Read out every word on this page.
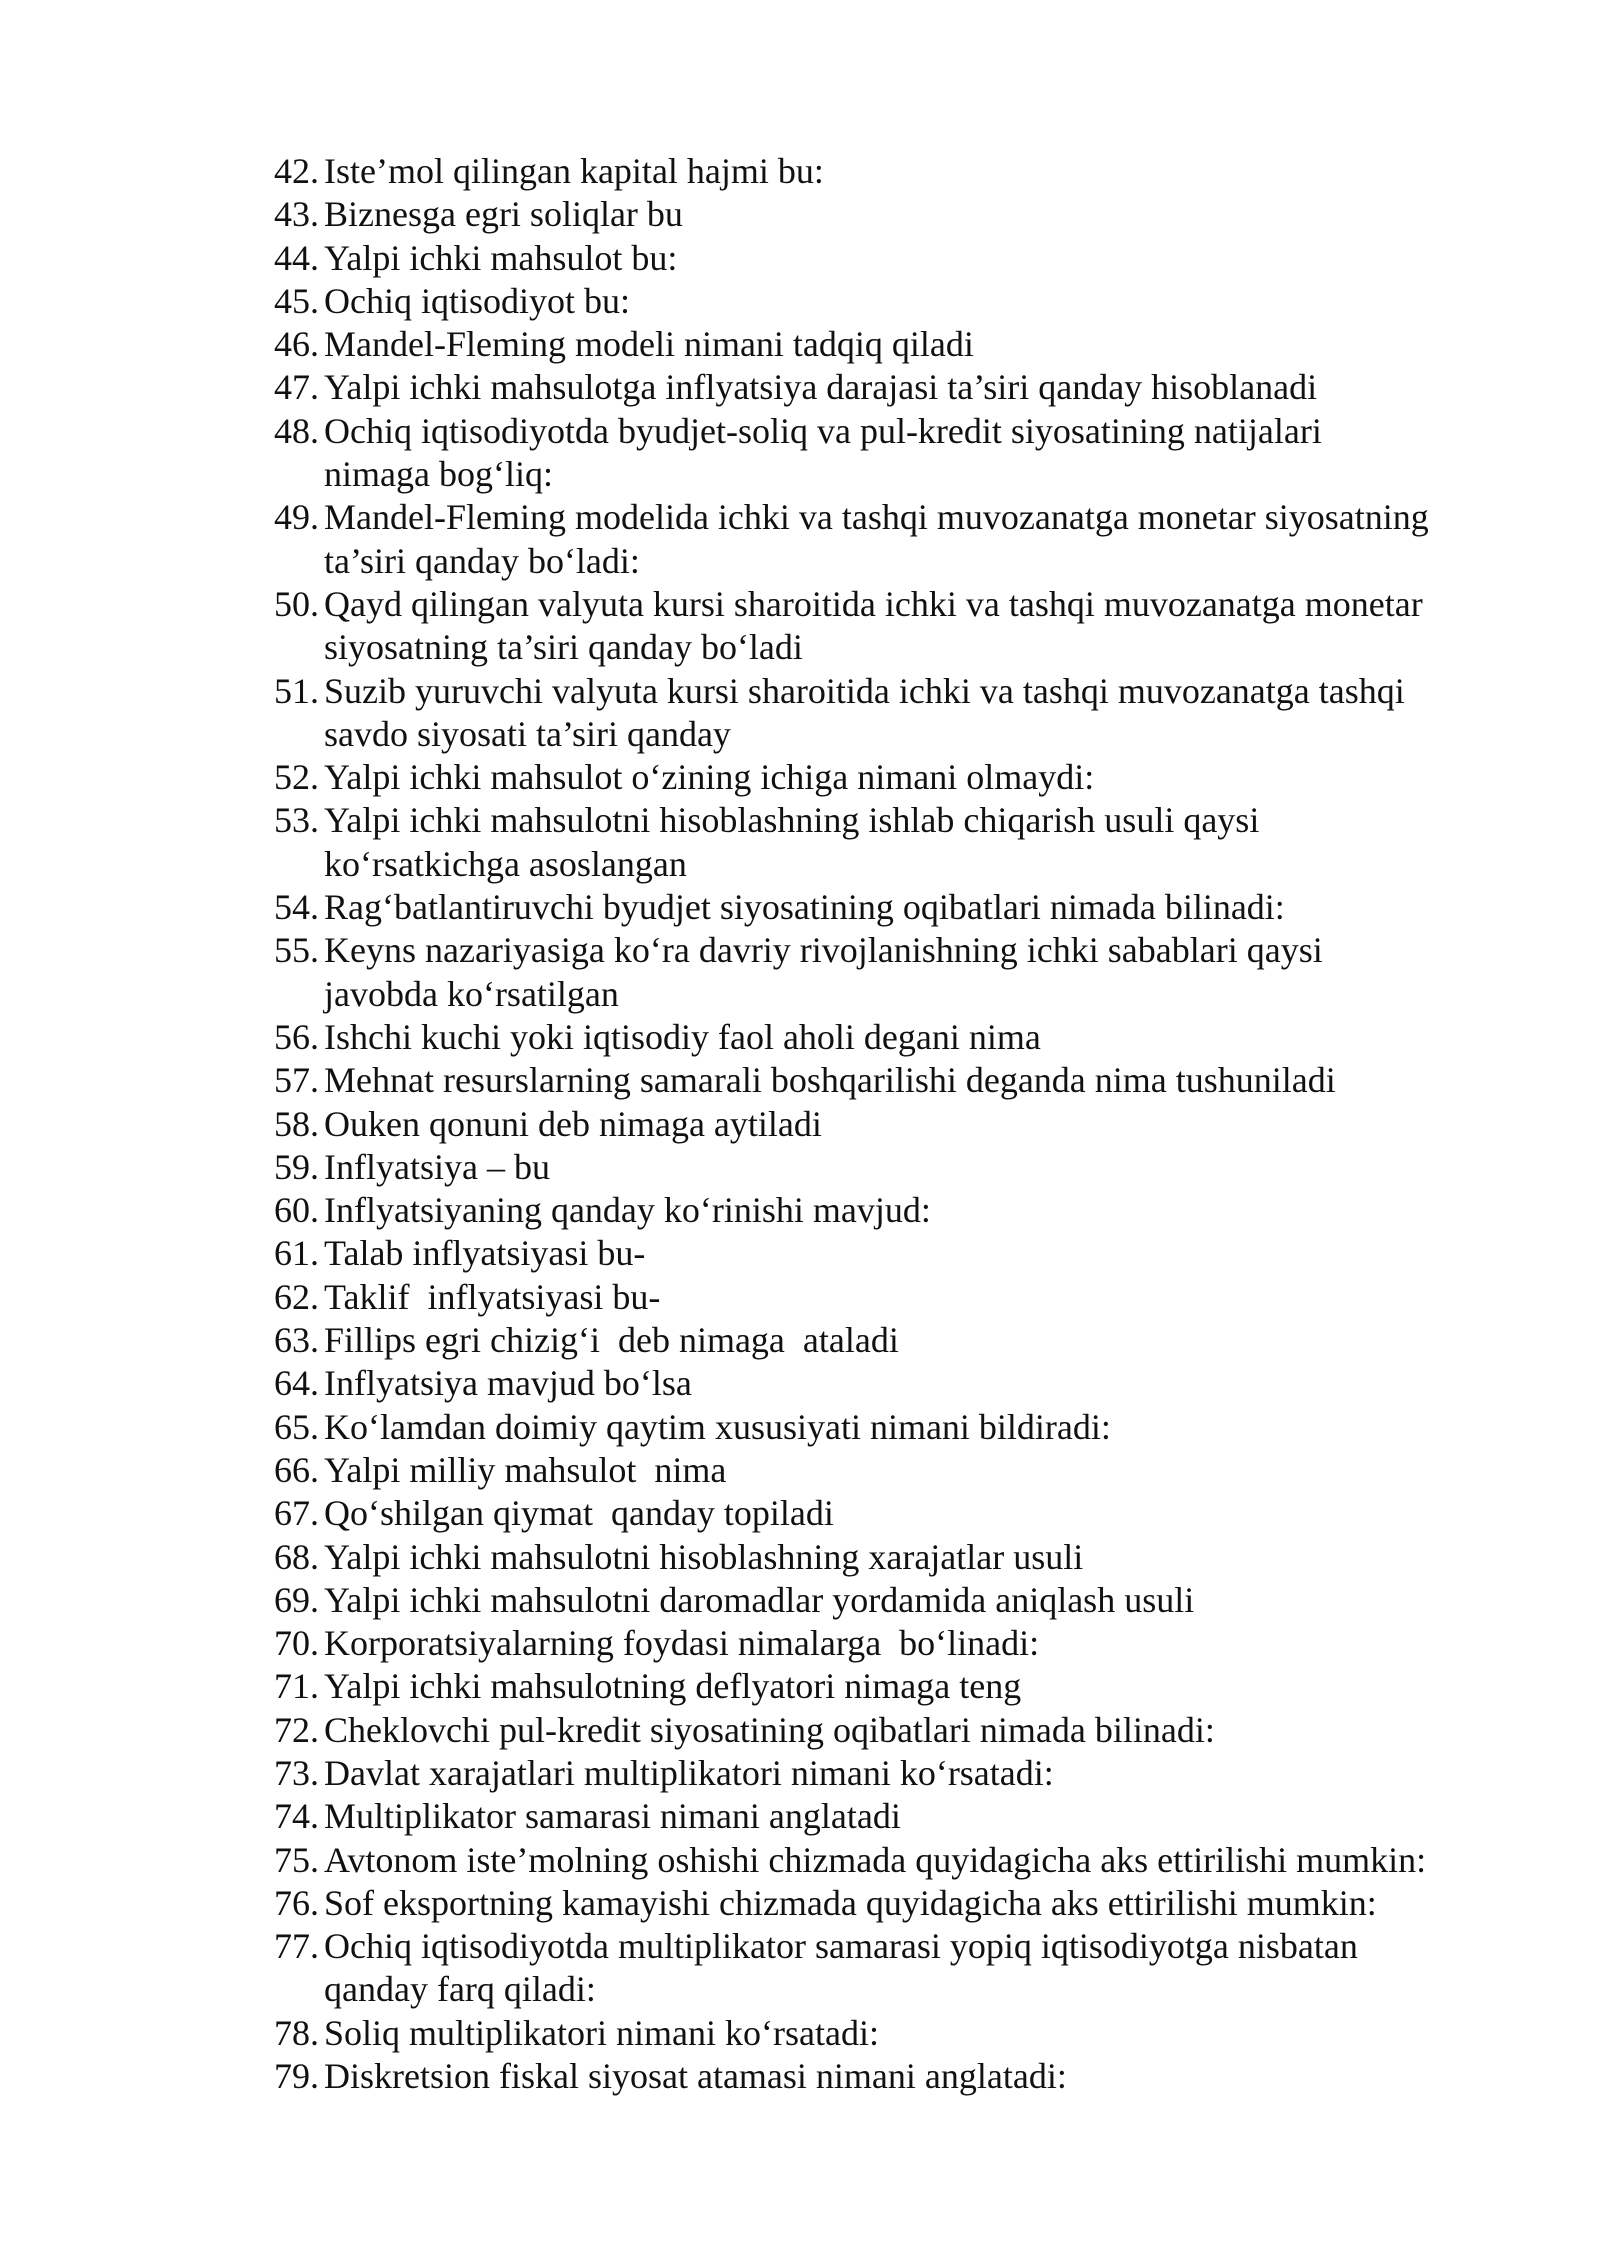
42. Iste’mol qilingan kapital hajmi bu:
43. Biznesga egri soliqlar bu
44. Yalpi ichki mahsulot bu:
45. Ochiq iqtisodiyot bu:
46. Mandel-Fleming modeli nimani tadqiq qiladi
47. Yalpi ichki mahsulotga inflyatsiya darajasi ta’siri qanday hisoblanadi
48. Ochiq iqtisodiyotda byudjet-soliq va pul-kredit siyosatining natijalari
nimaga bog‘liq:
49. Mandel-Fleming modelida ichki va tashqi muvozanatga monetar siyosatning
ta’siri qanday bo‘ladi:
50. Qayd qilingan valyuta kursi sharoitida ichki va tashqi muvozanatga monetar
siyosatning ta’siri qanday bo‘ladi
51. Suzib yuruvchi valyuta kursi sharoitida ichki va tashqi muvozanatga tashqi
savdo siyosati ta’siri qanday
52. Yalpi ichki mahsulot o‘zining ichiga nimani olmaydi:
53. Yalpi ichki mahsulotni hisoblashning ishlab chiqarish usuli qaysi
ko‘rsatkichga asoslangan
54. Rag‘batlantiruvchi byudjet siyosatining oqibatlari nimada bilinadi:
55. Keyns nazariyasiga ko‘ra davriy rivojlanishning ichki sabablari qaysi
javobda ko‘rsatilgan
56. Ishchi kuchi yoki iqtisodiy faol aholi degani nima
57. Mehnat resurslarning samarali boshqarilishi deganda nima tushuniladi
58. Ouken qonuni deb nimaga aytiladi
59. Inflyatsiya – bu
60. Inflyatsiyaning qanday ko‘rinishi mavjud:
61. Talab inflyatsiyasi bu-
62. Taklif  inflyatsiyasi bu-
63. Fillips egri chizig‘i  deb nimaga  ataladi
64. Inflyatsiya mavjud bo‘lsa
65. Ko‘lamdan doimiy qaytim xususiyati nimani bildiradi:
66. Yalpi milliy mahsulot  nima
67. Qo‘shilgan qiymat  qanday topiladi
68. Yalpi ichki mahsulotni hisoblashning xarajatlar usuli
69. Yalpi ichki mahsulotni daromadlar yordamida aniqlash usuli
70. Korporatsiyalarning foydasi nimalarga  bo‘linadi:
71. Yalpi ichki mahsulotning deflyatori nimaga teng
72. Cheklovchi pul-kredit siyosatining oqibatlari nimada bilinadi:
73. Davlat xarajatlari multiplikatori nimani ko‘rsatadi:
74. Multiplikator samarasi nimani anglatadi
75. Avtonom iste’molning oshishi chizmada quyidagicha aks ettirilishi mumkin:
76. Sof eksportning kamayishi chizmada quyidagicha aks ettirilishi mumkin:
77. Ochiq iqtisodiyotda multiplikator samarasi yopiq iqtisodiyotga nisbatan
qanday farq qiladi:
78. Soliq multiplikatori nimani ko‘rsatadi:
79. Diskretsion fiskal siyosat atamasi nimani anglatadi:
